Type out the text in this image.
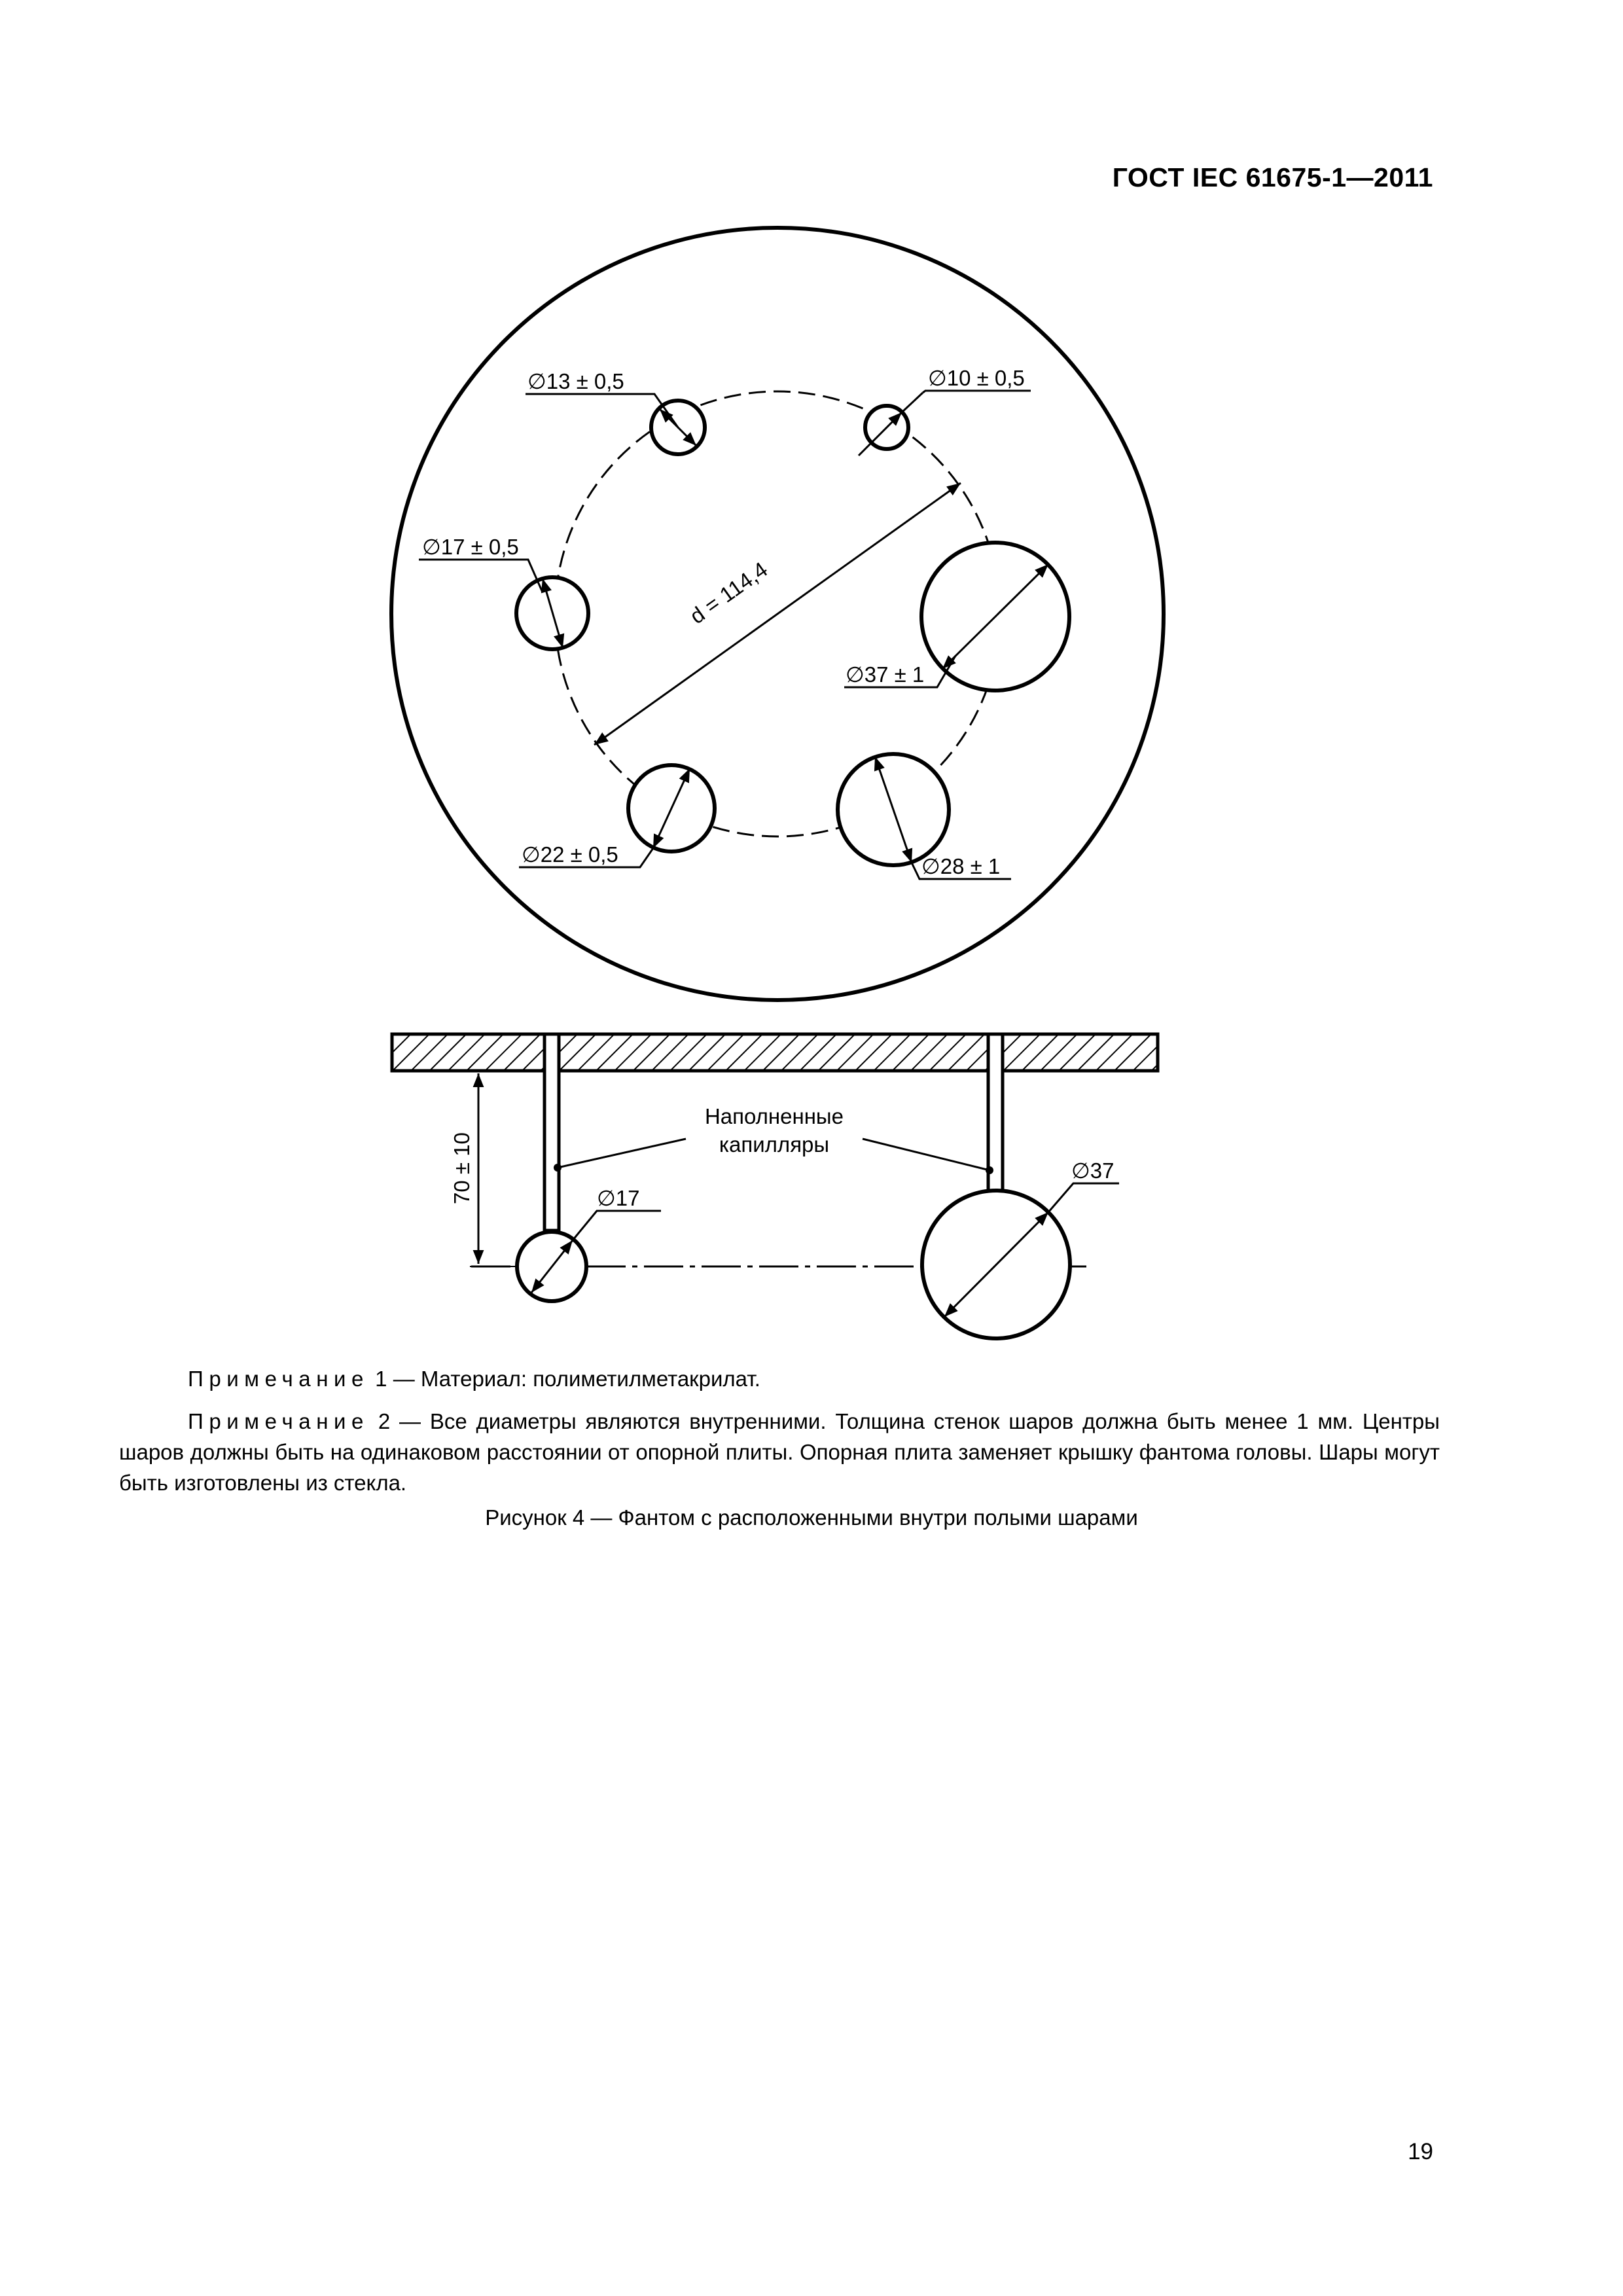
ГОСТ IEC 61675-1—2011
∅13 ± 0,5	∅10 ± 0,5
∅17 ± 0,5
∅37 ± 1
∅22 ± 0,5	∅28 ± 1
d = 114,4
70 ± 10	∅17
∅37
Наполненные
капилляры
Примечание 1 — Материал: полиметилметакрилат.
Примечание 2 — Все диаметры являются внутренними. Толщина стенок шаров должна быть менее 1 мм. Центры шаров должны быть на одинаковом расстоянии от опорной плиты. Опорная плита заменяет крышку фантома головы. Шары могут быть изготовлены из стекла.
Рисунок 4 — Фантом с расположенными внутри полыми шарами
19
